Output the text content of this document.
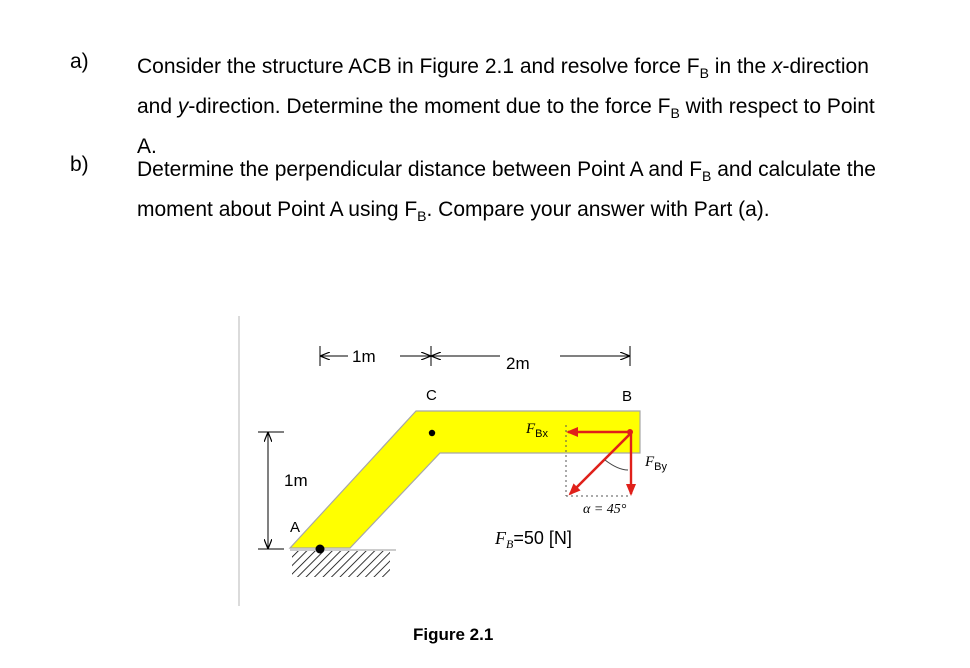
a) Consider the structure ACB in Figure 2.1 and resolve force $F_B$ in the x-direction and y-direction. Determine the moment due to the force $F_B$ with respect to Point A.
b) Determine the perpendicular distance between Point A and $F_B$ and calculate the moment about Point A using $F_B$. Compare your answer with Part (a).
1m	2m
1m
C	B
A
$F_{Bx}$
$F_{By}$
α = 45°
$F_B=50$ [N]
Figure 2.1
